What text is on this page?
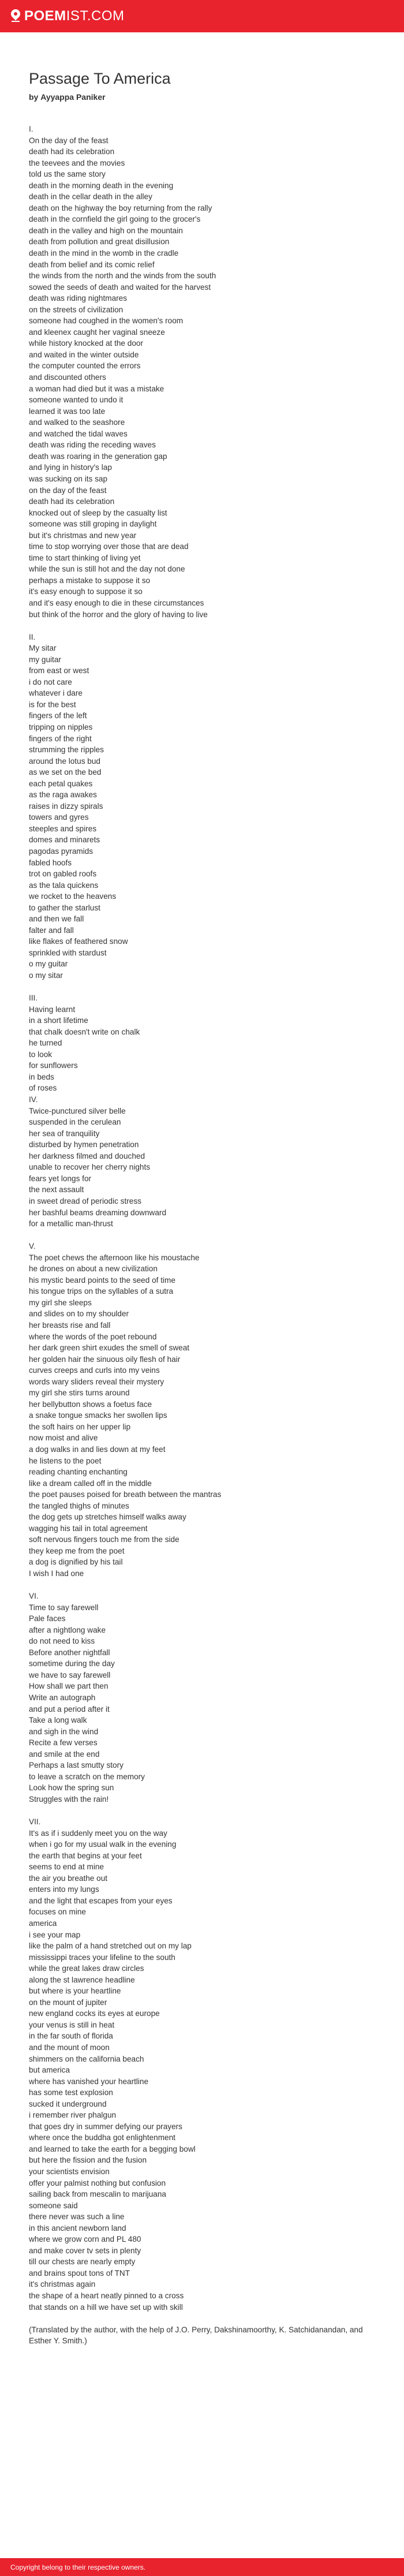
POEMIST.COM
Passage To America
by Ayyappa Paniker
I.
On the day of the feast
death had its celebration
the teevees and the movies
told us the same story
death in the morning death in the evening
death in the cellar death in the alley
death on the highway the boy returning from the rally
death in the cornfield the girl going to the grocer's
death in the valley and high on the mountain
death from pollution and great disillusion
death in the mind in the womb in the cradle
death from belief and its comic relief
the winds from the north and the winds from the south
sowed the seeds of death and waited for the harvest
death was riding nightmares
on the streets of civilization
someone had coughed in the women's room
and kleenex caught her vaginal sneeze
while history knocked at the door
and waited in the winter outside
the computer counted the errors
and discounted others
a woman had died but it was a mistake
someone wanted to undo it
learned it was too late
and walked to the seashore
and watched the tidal waves
death was riding the receding waves
death was roaring in the generation gap
and lying in history's lap
was sucking on its sap
on the day of the feast
death had its celebration
knocked out of sleep by the casualty list
someone was still groping in daylight
but it's christmas and new year
time to stop worrying over those that are dead
time to start thinking of living yet
while the sun is still hot and the day not done
perhaps a mistake to suppose it so
it's easy enough to suppose it so
and it's easy enough to die in these circumstances
but think of the horror and the glory of having to live
II.
My sitar
my guitar
from east or west
i do not care
whatever i dare
is for the best
fingers of the left
tripping on nipples
fingers of the right
strumming the ripples
around the lotus bud
as we set on the bed
each petal quakes
as the raga awakes
raises in dizzy spirals
towers and gyres
steeples and spires
domes and minarets
pagodas pyramids
fabled hoofs
trot on gabled roofs
as the tala quickens
we rocket to the heavens
to gather the starlust
and then we fall
falter and fall
like flakes of feathered snow
sprinkled with stardust
o my guitar
o my sitar
III.
Having learnt
in a short lifetime
that chalk doesn't write on chalk
he turned
to look
for sunflowers
in beds
of roses
IV.
Twice-punctured silver belle
suspended in the cerulean
her sea of tranquility
disturbed by hymen penetration
her darkness filmed and douched
unable to recover her cherry nights
fears yet longs for
the next assault
in sweet dread of periodic stress
her bashful beams dreaming downward
for a metallic man-thrust
V.
The poet chews the afternoon like his moustache
he drones on about a new civilization
his mystic beard points to the seed of time
his tongue trips on the syllables of a sutra
my girl she sleeps
and slides on to my shoulder
her breasts rise and fall
where the words of the poet rebound
her dark green shirt exudes the smell of sweat
her golden hair the sinuous oily flesh of hair
curves creeps and curls into my veins
words wary sliders reveal their mystery
my girl she stirs turns around
her bellybutton shows a foetus face
a snake tongue smacks her swollen lips
the soft hairs on her upper lip
now moist and alive
a dog walks in and lies down at my feet
he listens to the poet
reading chanting enchanting
like a dream called off in the middle
the poet pauses poised for breath between the mantras
the tangled thighs of minutes
the dog gets up stretches himself walks away
wagging his tail in total agreement
soft nervous fingers touch me from the side
they keep me from the poet
a dog is dignified by his tail
I wish I had one
VI.
Time to say farewell
Pale faces
after a nightlong wake
do not need to kiss
Before another nightfall
sometime during the day
we have to say farewell
How shall we part then
Write an autograph
and put a period after it
Take a long walk
and sigh in the wind
Recite a few verses
and smile at the end
Perhaps a last smutty story
to leave a scratch on the memory
Look how the spring sun
Struggles with the rain!
VII.
It's as if i suddenly meet you on the way
when i go for my usual walk in the evening
the earth that begins at your feet
seems to end at mine
the air you breathe out
enters into my lungs
and the light that escapes from your eyes
focuses on mine
america
i see your map
like the palm of a hand stretched out on my lap
mississippi traces your lifeline to the south
while the great lakes draw circles
along the st lawrence headline
but where is your heartline
on the mount of jupiter
new england cocks its eyes at europe
your venus is still in heat
in the far south of florida
and the mount of moon
shimmers on the california beach
but america
where has vanished your heartline
has some test explosion
sucked it underground
i remember river phalgun
that goes dry in summer defying our prayers
where once the buddha got enlightenment
and learned to take the earth for a begging bowl
but here the fission and the fusion
your scientists envision
offer your palmist nothing but confusion
sailing back from mescalin to marijuana
someone said
there never was such a line
in this ancient newborn land
where we grow corn and PL 480
and make cover tv sets in plenty
till our chests are nearly empty
and brains spout tons of TNT
it's christmas again
the shape of a heart neatly pinned to a cross
that stands on a hill we have set up with skill
(Translated by the author, with the help of J.O. Perry, Dakshinamoorthy, K. Satchidanandan, and Esther Y. Smith.)
Copyright belong to their respective owners.
